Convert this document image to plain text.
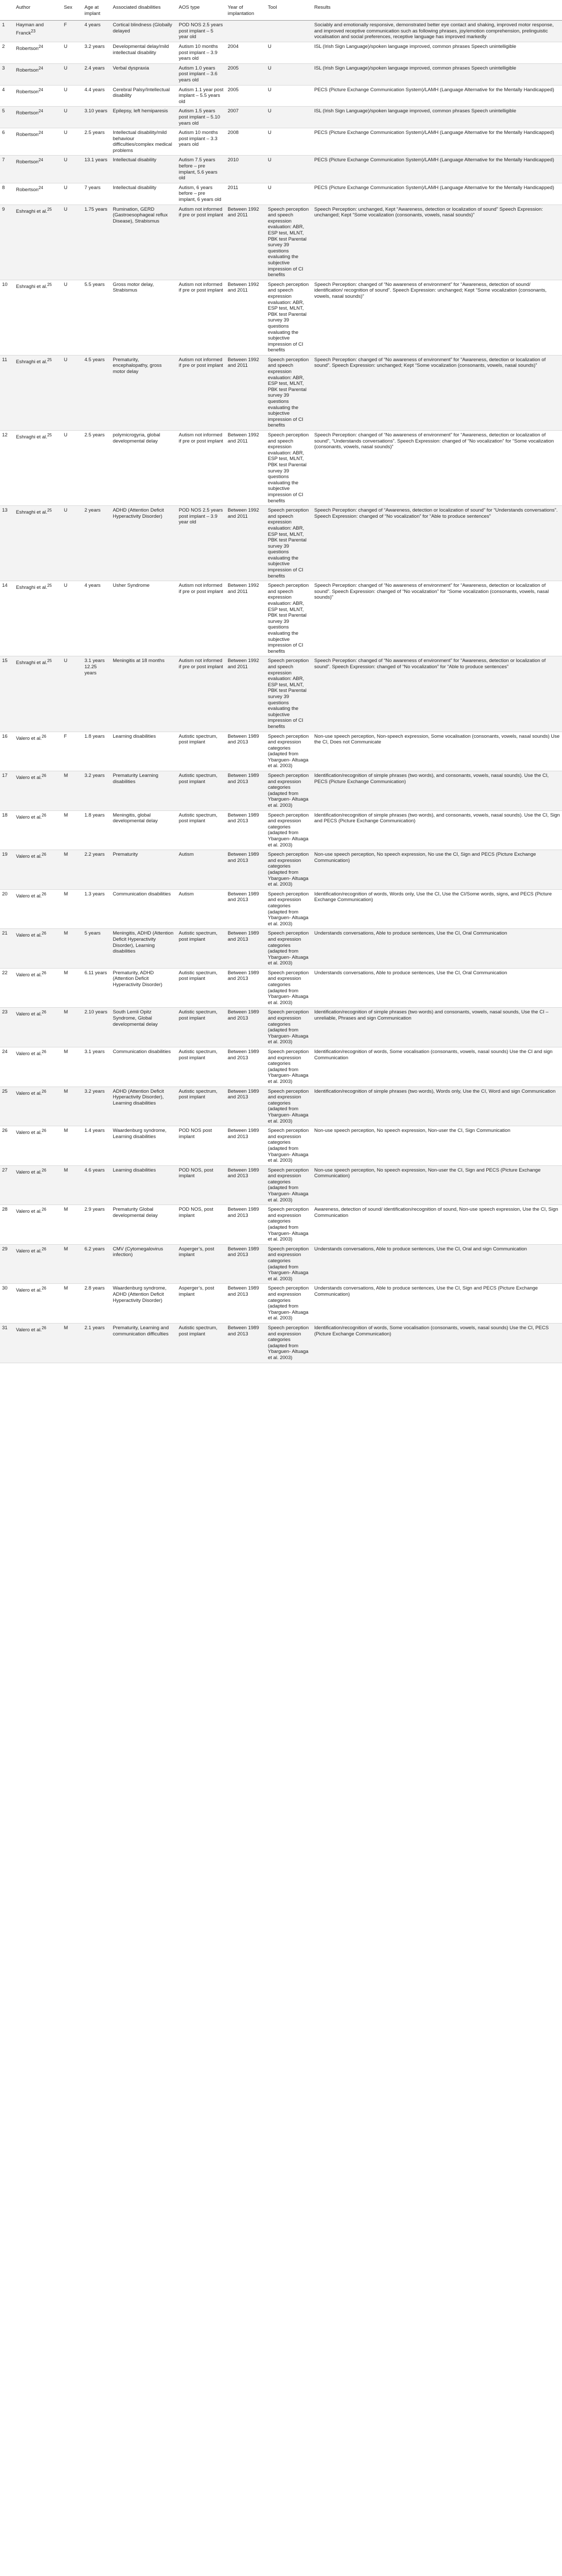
	Author	Sex	Age at implant	Associated disabilities	AOS type	Year of implantation	Tool	Results
1	Hayman and Franck$^{23}$	F	4 years	Cortical blindness (Globally delayed	POD NOS 2.5 years post implant – 5 year old			Sociably and emotionally responsive, demonstrated better eye contact and shaking, improved motor response, and improved receptive communication such as following phrases, joy/emotion comprehension, prelinguistic vocalisation and social preferences, receptive language has improved markedly
2	Robertson$^{24}$	U	3.2 years	Developmental delay/mild intellectual disability	Autism 10 months post implant – 3.9 years old	2004	U	ISL (Irish Sign Language)/spoken language improved, common phrases Speech unintelligible
3	Robertson$^{24}$	U	2.4 years	Verbal dyspraxia	Autism 1.0 years post implant – 3.6 years old	2005	U	ISL (Irish Sign Language)/spoken language improved, common phrases Speech unintelligible
4	Robertson$^{24}$	U	4.4 years	Cerebral Palsy/Intellectual disability	Autism 1.1 year post implant – 5.5 years old	2005	U	PECS (Picture Exchange Communication System)/LAMH (Language Alternative for the Mentally Handicapped)
5	Robertson$^{24}$	U	3.10 years	Epilepsy, left hemiparesis	Autism 1.5 years post implant – 5.10 years old	2007	U	ISL (Irish Sign Language)/spoken language improved, common phrases Speech unintelligible
6	Robertson$^{24}$	U	2.5 years	Intellectual disability/mild behaviour difficulties/complex medical problems	Autism 10 months post implant – 3.3 years old	2008	U	PECS (Picture Exchange Communication System)/LAMH (Language Alternative for the Mentally Handicapped)
7	Robertson$^{24}$	U	13.1 years	Intellectual disability	Autism 7.5 years before – pre implant, 5.6 years old	2010	U	PECS (Picture Exchange Communication System)/LAMH (Language Alternative for the Mentally Handicapped)
8	Robertson$^{24}$	U	7 years	Intellectual disability	Autism, 6 years before – pre implant, 6 years old	2011	U	PECS (Picture Exchange Communication System)/LAMH (Language Alternative for the Mentally Handicapped)
9	Eshraghi et al.$^{25}$	U	1.75 years	Rumination, GERD (Gastroesophageal reflux Disease), Strabismus	Autism not informed if pre or post implant	Between 1992 and 2011	Speech perception and speech expression evaluation: ABR, ESP test, MLNT, PBK test Parental survey 39 questions evaluating the subjective impression of CI benefits	Speech Perception: unchanged, Kept “Awareness, detection or localization of sound” Speech Expression: unchanged; Kept “Some vocalization (consonants, vowels, nasal sounds)”
10	Eshraghi et al.$^{25}$	U	5.5 years	Gross motor delay, Strabismus	Autism not informed if pre or post implant	Between 1992 and 2011	Speech perception and speech expression evaluation: ABR, ESP test, MLNT, PBK test Parental survey 39 questions evaluating the subjective impression of CI benefits	Speech Perception: changed of “No awareness of environment” for “Awareness, detection of sound/ identification/ recognition of sound”. Speech Expression: unchanged; Kept “Some vocalization (consonants, vowels, nasal sounds)”
11	Eshraghi et al.$^{25}$	U	4.5 years	Prematurity, encephalopathy, gross motor delay	Autism not informed if pre or post implant	Between 1992 and 2011	Speech perception and speech expression evaluation: ABR, ESP test, MLNT, PBK test Parental survey 39 questions evaluating the subjective impression of CI benefits	Speech Perception: changed of “No awareness of environment” for “Awareness, detection or localization of sound”. Speech Expression: unchanged; Kept “Some vocalization (consonants, vowels, nasal sounds)”
12	Eshraghi et al.$^{25}$	U	2.5 years	polymicrogyria, global developmental delay	Autism not informed if pre or post implant	Between 1992 and 2011	Speech perception and speech expression evaluation: ABR, ESP test, MLNT, PBK test Parental survey 39 questions evaluating the subjective impression of CI benefits	Speech Perception: changed of “No awareness of environment” for “Awareness, detection or localization of sound”, “Understands conversations”. Speech Expression: changed of “No vocalization” for “Some vocalization (consonants, vowels, nasal sounds)”
13	Eshraghi et al.$^{25}$	U	2 years	ADHD (Attention Deficit Hyperactivity Disorder)	POD NOS 2.5 years post implant – 3.9 year old	Between 1992 and 2011	Speech perception and speech expression evaluation: ABR, ESP test, MLNT, PBK test Parental survey 39 questions evaluating the subjective impression of CI benefits	Speech Perception: changed of “Awareness, detection or localization of sound” for “Understands conversations”. Speech Expression: changed of “No vocalization” for “Able to produce sentences”
14	Eshraghi et al.$^{25}$	U	4 years	Usher Syndrome	Autism not informed if pre or post implant	Between 1992 and 2011	Speech perception and speech expression evaluation: ABR, ESP test, MLNT, PBK test Parental survey 39 questions evaluating the subjective impression of CI benefits	Speech Perception: changed of “No awareness of environment” for “Awareness, detection or localization of sound”. Speech Expression: changed of “No vocalization” for “Some vocalization (consonants, vowels, nasal sounds)”
15	Eshraghi et al.$^{25}$	U	3.1 years 12.25 years	Meningitis at 18 months	Autism not informed if pre or post implant	Between 1992 and 2011	Speech perception and speech expression evaluation: ABR, ESP test, MLNT, PBK test Parental survey 39 questions evaluating the subjective impression of CI benefits	Speech Perception: changed of “No awareness of environment” for “Awareness, detection or localization of sound”. Speech Expression: changed of “No vocalization” for “Able to produce sentences”
16	Valero et al.$^{26}$	F	1.8 years	Learning disabilities	Autistic spectrum, post implant	Between 1989 and 2013	Speech perception and expression categories (adapted from Ybarguen- Altuaga et al. 2003)	Non-use speech perception, Non-speech expression, Some vocalisation (consonants, vowels, nasal sounds) Use the CI, Does not Communicate
17	Valero et al.$^{26}$	M	3.2 years	Prematurity Learning disabilities	Autistic spectrum, post implant	Between 1989 and 2013	Speech perception and expression categories (adapted from Ybarguen- Altuaga et al. 2003)	Identification/recognition of simple phrases (two words), and consonants, vowels, nasal sounds). Use the CI, PECS (Picture Exchange Communication)
18	Valero et al.$^{26}$	M	1.8 years	Meningitis, global developmental delay	Autistic spectrum, post implant	Between 1989 and 2013	Speech perception and expression categories (adapted from Ybarguen- Altuaga et al. 2003)	Identification/recognition of simple phrases (two words), and consonants, vowels, nasal sounds). Use the CI, Sign and PECS (Picture Exchange Communication)
19	Valero et al.$^{26}$	M	2.2 years	Prematurity	Autism	Between 1989 and 2013	Speech perception and expression categories (adapted from Ybarguen- Altuaga et al. 2003)	Non-use speech perception, No speech expression, No use the CI, Sign and PECS (Picture Exchange Communication)
20	Valero et al.$^{26}$	M	1.3 years	Communication disabilities	Autism	Between 1989 and 2013	Speech perception and expression categories (adapted from Ybarguen- Altuaga et al. 2003)	Identification/recognition of words, Words only, Use the CI, Use the CI/Some words, signs, and PECS (Picture Exchange Communication)
21	Valero et al.$^{26}$	M	5 years	Meningitis, ADHD (Attention Deficit Hyperactivity Disorder), Learning disabilities	Autistic spectrum, post implant	Between 1989 and 2013	Speech perception and expression categories (adapted from Ybarguen- Altuaga et al. 2003)	Understands conversations, Able to produce sentences, Use the CI, Oral Communication
22	Valero et al.$^{26}$	M	6.11 years	Prematurity, ADHD (Attention Deficit Hyperactivity Disorder)	Autistic spectrum, post implant	Between 1989 and 2013	Speech perception and expression categories (adapted from Ybarguen- Altuaga et al. 2003)	Understands conversations, Able to produce sentences, Use the CI, Oral Communication
23	Valero et al.$^{26}$	M	2.10 years	South Lemli Opitz Syndrome, Global developmental delay	Autistic spectrum, post implant	Between 1989 and 2013	Speech perception and expression categories (adapted from Ybarguen- Altuaga et al. 2003)	Identification/recognition of simple phrases (two words) and consonants, vowels, nasal sounds, Use the CI – unreliable, Phrases and sign Communication
24	Valero et al.$^{26}$	M	3.1 years	Communication disabilities	Autistic spectrum, post implant	Between 1989 and 2013	Speech perception and expression categories (adapted from Ybarguen- Altuaga et al. 2003)	Identification/recognition of words, Some vocalisation (consonants, vowels, nasal sounds) Use the CI and sign Communication
25	Valero et al.$^{26}$	M	3.2 years	ADHD (Attention Deficit Hyperactivity Disorder), Learning disabilities	Autistic spectrum, post implant	Between 1989 and 2013	Speech perception and expression categories (adapted from Ybarguen- Altuaga et al. 2003)	Identification/recognition of simple phrases (two words), Words only, Use the CI, Word and sign Communication
26	Valero et al.$^{26}$	M	1.4 years	Waardenburg syndrome, Learning disabilities	POD NOS post implant	Between 1989 and 2013	Speech perception and expression categories (adapted from Ybarguen- Altuaga et al. 2003)	Non-use speech perception, No speech expression, Non-user the CI, Sign Communication
27	Valero et al.$^{26}$	M	4.6 years	Learning disabilities	POD NOS, post implant	Between 1989 and 2013	Speech perception and expression categories (adapted from Ybarguen- Altuaga et al. 2003)	Non-use speech perception, No speech expression, Non-user the CI, Sign and PECS (Picture Exchange Communication)
28	Valero et al.$^{26}$	M	2.9 years	Prematurity Global developmental delay	POD NOS, post implant	Between 1989 and 2013	Speech perception and expression categories (adapted from Ybarguen- Altuaga et al. 2003)	Awareness, detection of sound/ identification/recognition of sound, Non-use speech expression, Use the CI, Sign Communication
29	Valero et al.$^{26}$	M	6.2 years	CMV (Cytomegalovirus infection)	Asperger’s, post implant	Between 1989 and 2013	Speech perception and expression categories (adapted from Ybarguen- Altuaga et al. 2003)	Understands conversations, Able to produce sentences, Use the CI, Oral and sign Communication
30	Valero et al.$^{26}$	M	2.8 years	Waardenburg syndrome, ADHD (Attention Deficit Hyperactivity Disorder)	Asperger’s, post implant	Between 1989 and 2013	Speech perception and expression categories (adapted from Ybarguen- Altuaga et al. 2003)	Understands conversations, Able to produce sentences, Use the CI, Sign and PECS (Picture Exchange Communication)
31	Valero et al.$^{26}$	M	2.1 years	Prematurity, Learning and communication difficulties	Autistic spectrum, post implant	Between 1989 and 2013	Speech perception and expression categories (adapted from Ybarguen- Altuaga et al. 2003)	Identification/recognition of words, Some vocalisation (consonants, vowels, nasal sounds) Use the CI, PECS (Picture Exchange Communication)
